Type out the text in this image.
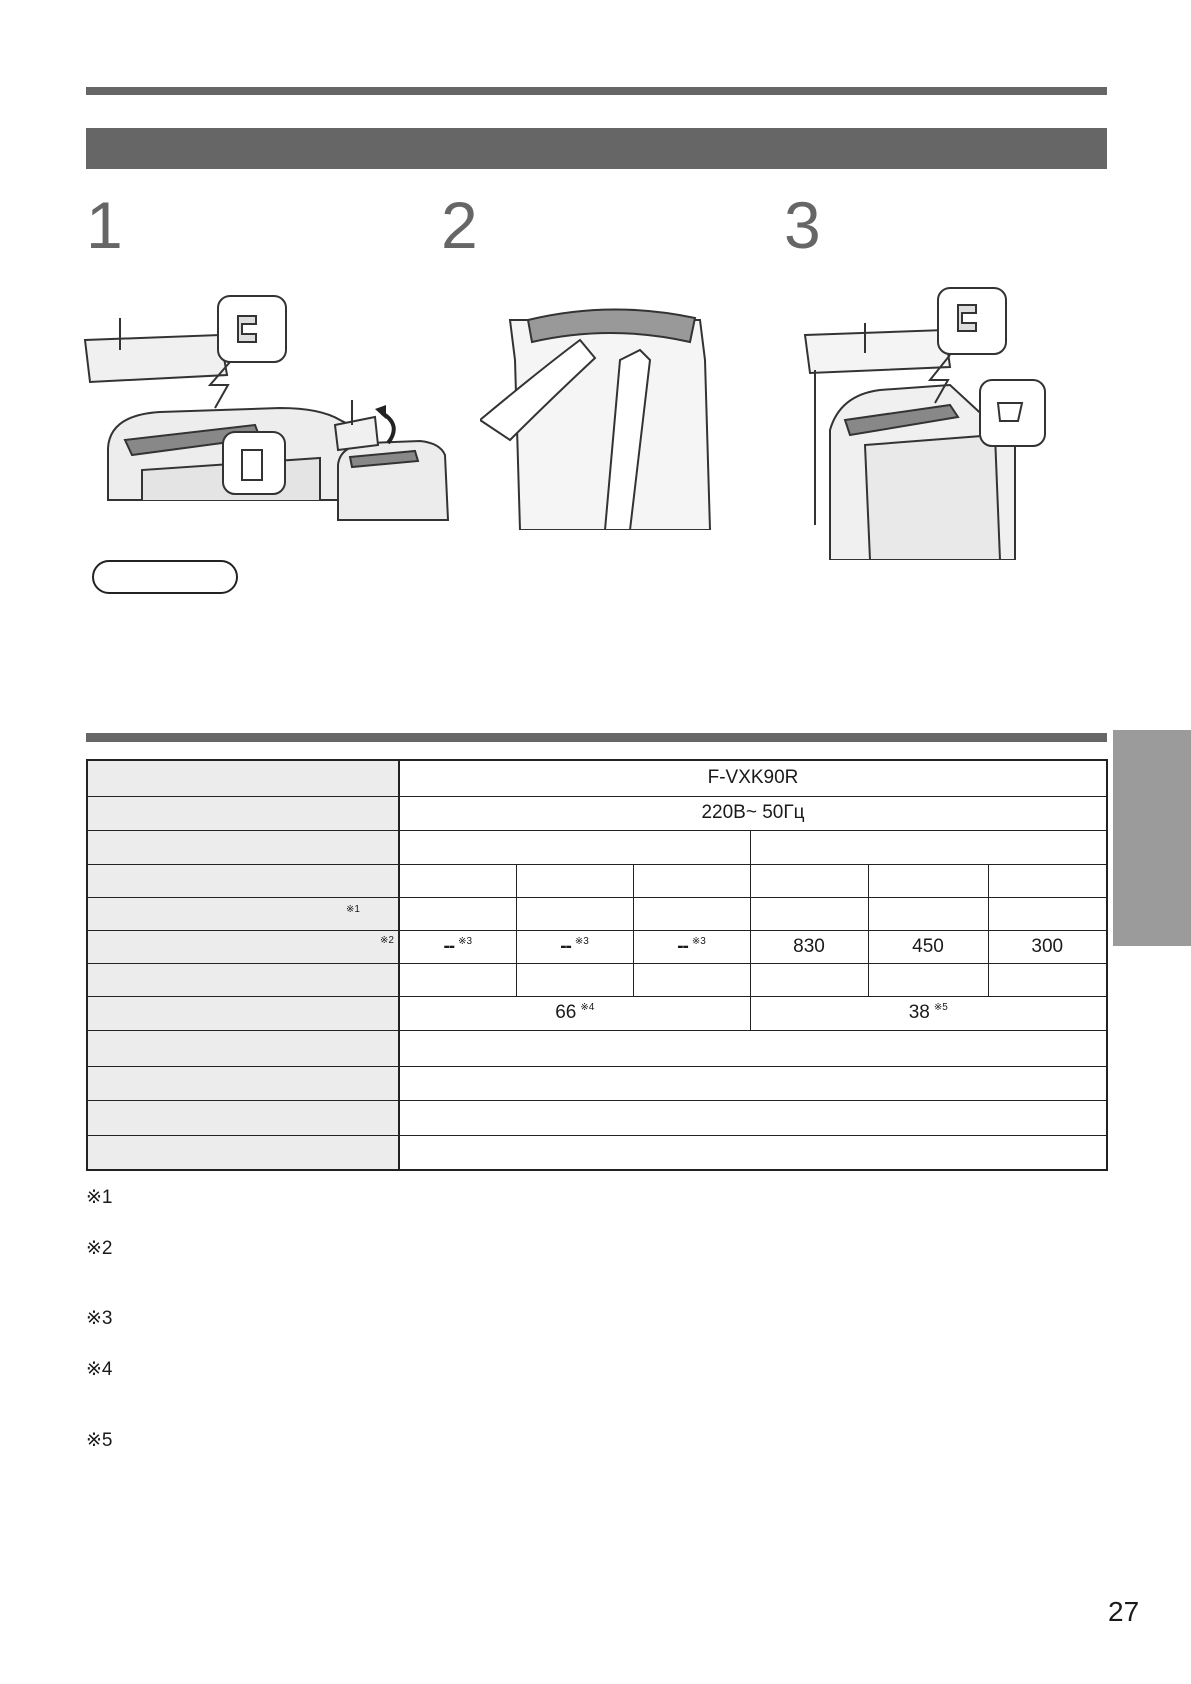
1	2	3
	F-VXK90R					
	220В~ 50Гц					

※1						

※2	-- $^{※3}$	-- $^{※3}$	-- $^{※3}$	830	450	300

	66 $^{※4}$			38 $^{※5}$

※1
※2
※3
※4
※5
27
